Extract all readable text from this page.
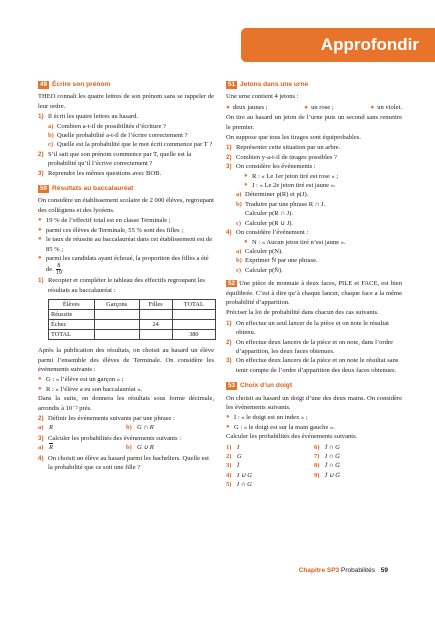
Approfondir
49 Écrire son prénom

THEO connaît les quatre lettres de son prénom sans se rappeler de leur ordre.

1) Il écrit les quatre lettres au hasard.
a) Combien a-t-il de possibilités d’écriture ?
b) Quelle probabilité a-t-il de l’écrire correctement ?
c) Quelle est la probabilité que le mot écrit commence par T ?
2) S’il sait que son prénom commence par T, quelle est la probabilité qu’il l’écrive correctement ?
3) Reprendre les mêmes questions avec BOB.
50 Résultats au baccalauréat

On considère un établissement scolaire de 2 000 élèves, regroupant des collégiens et des lycéens.

● 19 % de l’effectif total est en classe Terminale ;
● parmi ces élèves de Terminale, 55 % sont des filles ;
● le taux de réussite au baccalauréat dans cet établissement est de 85 % ;
● parmi les candidats ayant échoué, la proportion des filles a été de $\frac{8}{19}$ .
1) Recopier et compléter le tableau des effectifs regroupant les résultats au baccalauréat :
Élèves	Garçons	Filles	TOTAL
Réussite			
Échec		24	
TOTAL			380

Après la publication des résultats, on choisit au hasard un élève parmi l’ensemble des élèves de Terminale. On considère les événements suivants :

● G : « l’élève est un garçon » ;
● R : « l’élève a eu son baccalauréat ».

Dans la suite, on donnera les résultats sous forme décimale, arrondis à 10⁻² près.

2) Définir les événements suivants par une phrase :
a) R	b) G ∩ R
3) Calculer les probabilités des événements suivants :
a) $\overline{R}$	b) G ∪ R
4) On choisit un élève au hasard parmi les bacheliers. Quelle est la probabilité que ce soit une fille ?
51 Jetons dans une urne

Une urne contient 4 jetons :

● deux jaunes ;	● un rose ;	● un violet.

On tire au hasard un jeton de l’urne puis un second sans remettre le premier.

On suppose que tous les tirages sont équiprobables.

1) Représenter cette situation par un arbre.
2) Combien y-a-t-il de tirages possibles ?
3) On considère les événements :
● R : « Le 1er jeton tiré est rose » ;
● J : « Le 2e jeton tiré est jaune ».
a) Déterminer p(R) et p(J).
b) Traduire par une phrase R ∩ J.
Calculer p(R ∩ J).
c) Calculer p(R ∪ J).
4) On considère l’événement :
● N : « Aucun jeton tiré n’est jaune ».
a) Calculer p(N).
b) Exprimer N̄ par une phrase.
c) Calculer p(N̄).

52 Une pièce de monnaie à deux faces, PILE et FACE, est bien équilibrée. C’est à dire qu’à chaque lancer, chaque face a la même probabilité d’apparition.

Préciser la loi de probabilité dans chacun des cas suivants.

1) On effectue un seul lancer de la pièce et on note le résultat obtenu.
2) On effectue deux lancers de la pièce et on note, dans l’ordre d’apparition, les deux faces obtenues.
3) On effectue deux lancers de la pièce et on note le résultat sans tenir compte de l’ordre d’apparition des deux faces obtenues.
53 Choix d’un doigt

On choisit au hasard un doigt d’une des deux mains. On considère les événements suivants.

● I : « le doigt est un index » ;
● G : « le doigt est sur la main gauche ».

Calculer les probabilités des événements suivants.

1) I	6) Ī ∩ G
2) G	7) I ∩ Ḡ
3) Ī	8) Ī ∩ Ḡ
4) I ∪ G	9) Ī ∪ Ḡ
5) I ∩ G
Chapitre SP3 Probabilités 59
